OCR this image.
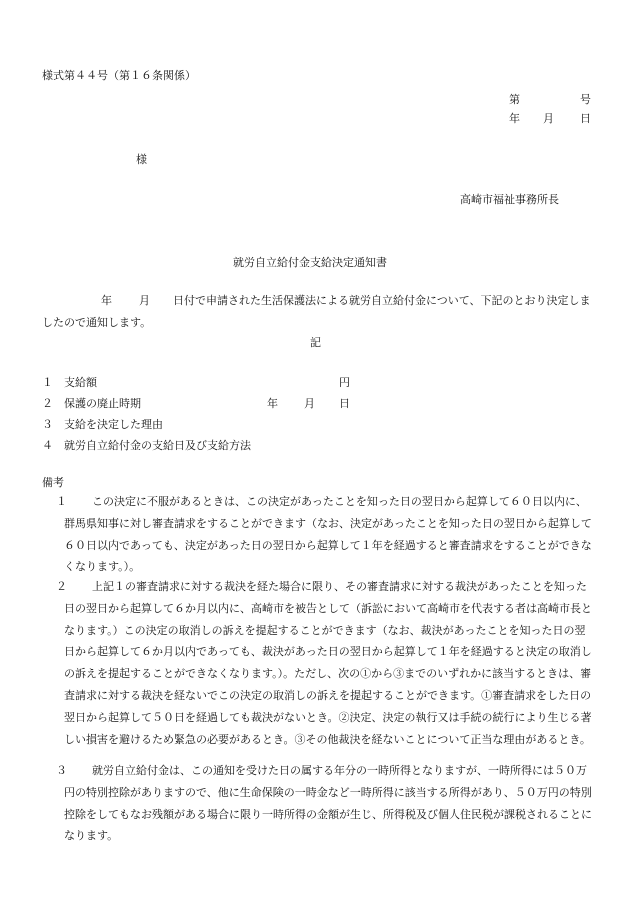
様式第４４号（第１６条関係）
第	号
年 月 日
様
高崎市福祉事務所長
就労自立給付金支給決定通知書
年 月	日付で申請された生活保護法による就労自立給付金について、下記のとおり決定しましたので通知します。
記
１ 支給額	円
２ 保護の廃止時期	年 月 日
３ 支給を決定した理由
４ 就労自立給付金の支給日及び支給方法
備考
１	この決定に不服があるときは、この決定があったことを知った日の翌日から起算して６０日以内に、群馬県知事に対し審査請求をすることができます（なお、決定があったことを知った日の翌日から起算して６０日以内であっても、決定があった日の翌日から起算して１年を経過すると審査請求をすることができなくなります。）。
２	上記１の審査請求に対する裁決を経た場合に限り、その審査請求に対する裁決があったことを知った日の翌日から起算して６か月以内に、高崎市を被告として（訴訟において高崎市を代表する者は高崎市長となります。）この決定の取消しの訴えを提起することができます（なお、裁決があったことを知った日の翌日から起算して６か月以内であっても、裁決があった日の翌日から起算して１年を経過すると決定の取消しの訴えを提起することができなくなります。）。ただし、次の①から③までのいずれかに該当するときは、審査請求に対する裁決を経ないでこの決定の取消しの訴えを提起することができます。①審査請求をした日の翌日から起算して５０日を経過しても裁決がないとき。②決定、決定の執行又は手続の続行により生じる著しい損害を避けるため緊急の必要があるとき。③その他裁決を経ないことについて正当な理由があるとき。
３	就労自立給付金は、この通知を受けた日の属する年分の一時所得となりますが、一時所得には５０万円の特別控除がありますので、他に生命保険の一時金など一時所得に該当する所得があり、５０万円の特別控除をしてもなお残額がある場合に限り一時所得の金額が生じ、所得税及び個人住民税が課税されることになります。
